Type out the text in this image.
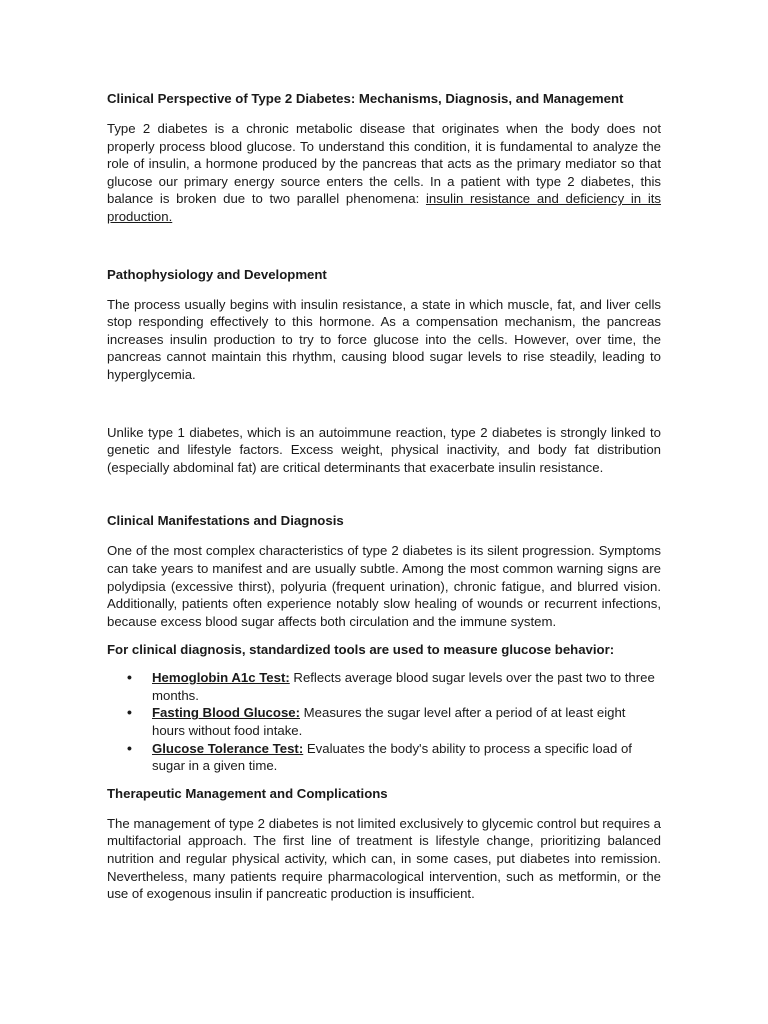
Clinical Perspective of Type 2 Diabetes: Mechanisms, Diagnosis, and Management

Type 2 diabetes is a chronic metabolic disease that originates when the body does not properly process blood glucose. To understand this condition, it is fundamental to analyze the role of insulin, a hormone produced by the pancreas that acts as the primary mediator so that glucose our primary energy source enters the cells. In a patient with type 2 diabetes, this balance is broken due to two parallel phenomena: insulin resistance and deficiency in its production.

Pathophysiology and Development

The process usually begins with insulin resistance, a state in which muscle, fat, and liver cells stop responding effectively to this hormone. As a compensation mechanism, the pancreas increases insulin production to try to force glucose into the cells. However, over time, the pancreas cannot maintain this rhythm, causing blood sugar levels to rise steadily, leading to hyperglycemia.

Unlike type 1 diabetes, which is an autoimmune reaction, type 2 diabetes is strongly linked to genetic and lifestyle factors. Excess weight, physical inactivity, and body fat distribution (especially abdominal fat) are critical determinants that exacerbate insulin resistance.

Clinical Manifestations and Diagnosis

One of the most complex characteristics of type 2 diabetes is its silent progression. Symptoms can take years to manifest and are usually subtle. Among the most common warning signs are polydipsia (excessive thirst), polyuria (frequent urination), chronic fatigue, and blurred vision. Additionally, patients often experience notably slow healing of wounds or recurrent infections, because excess blood sugar affects both circulation and the immune system.

For clinical diagnosis, standardized tools are used to measure glucose behavior:

• Hemoglobin A1c Test: Reflects average blood sugar levels over the past two to three months.
• Fasting Blood Glucose: Measures the sugar level after a period of at least eight hours without food intake.
• Glucose Tolerance Test: Evaluates the body's ability to process a specific load of sugar in a given time.
Therapeutic Management and Complications

The management of type 2 diabetes is not limited exclusively to glycemic control but requires a multifactorial approach. The first line of treatment is lifestyle change, prioritizing balanced nutrition and regular physical activity, which can, in some cases, put diabetes into remission. Nevertheless, many patients require pharmacological intervention, such as metformin, or the use of exogenous insulin if pancreatic production is insufficient.
